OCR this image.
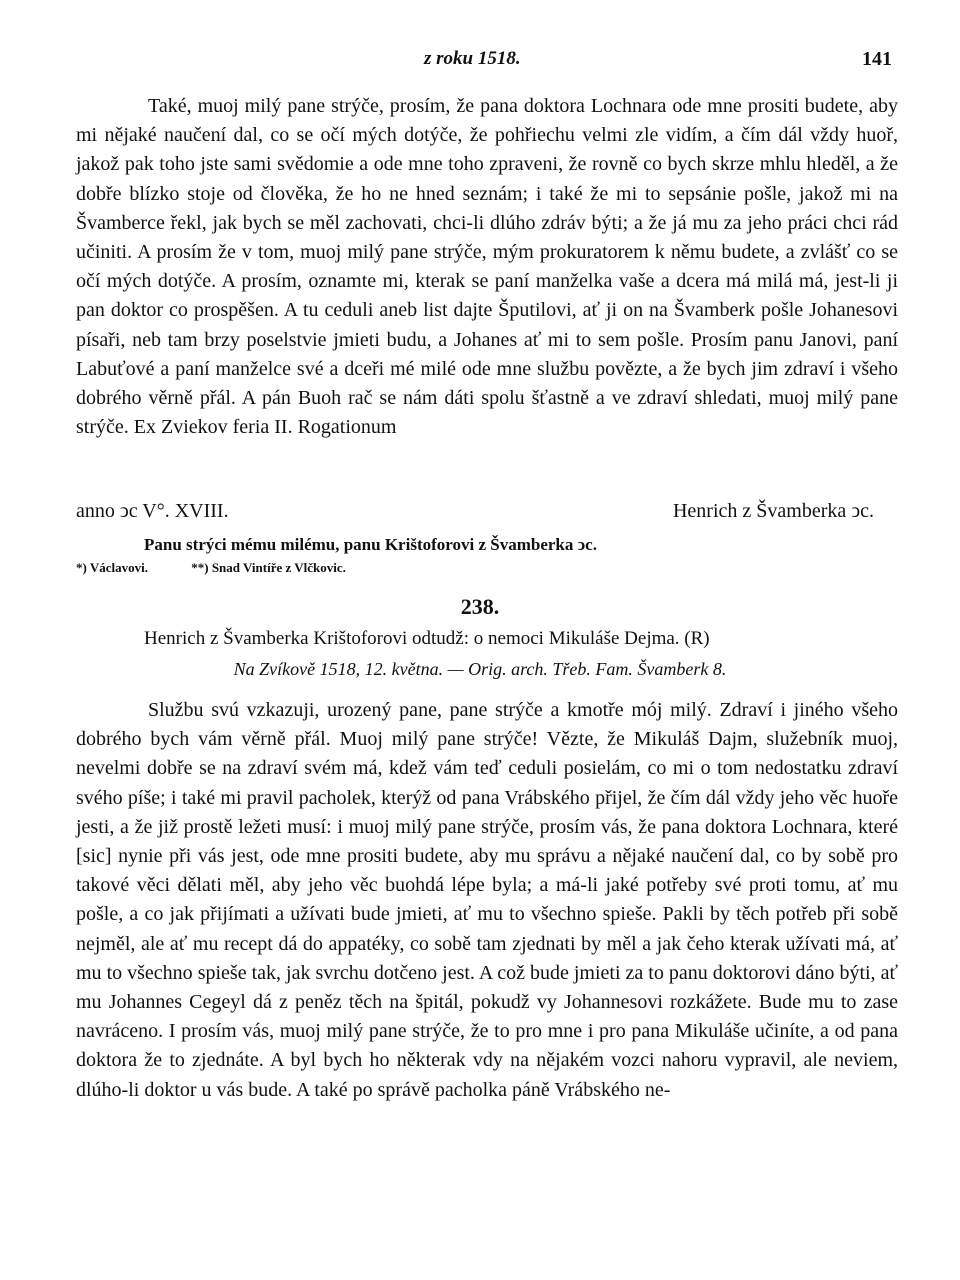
z roku 1518.	141

Také, muoj milý pane strýče, prosím, že pana doktora Lochnara ode mne prositi budete, aby mi nějaké naučení dal, co se očí mých dotýče, že pohřiechu velmi zle vidím, a čím dál vždy huoř, jakož pak toho jste sami svědomie a ode mne toho zpraveni, že rovně co bych skrze mhlu hleděl, a že dobře blízko stoje od člověka, že ho ne hned seznám; i také že mi to sepsánie pošle, jakož mi na Švamberce řekl, jak bych se měl zachovati, chci-li dlúho zdráv býti; a že já mu za jeho práci chci rád učiniti. A prosím že v tom, muoj milý pane strýče, mým prokuratorem k němu budete, a zvlášť co se očí mých dotýče. A prosím, oznamte mi, kterak se paní manželka vaše a dcera má milá má, jest-li ji pan doktor co prospěšen. A tu ceduli aneb list dajte Šputilovi, ať ji on na Švamberk pošle Johanesovi písaři, neb tam brzy poselstvie jmieti budu, a Johanes ať mi to sem pošle. Prosím panu Janovi, paní Labuťové a paní manželce své a dceři mé milé ode mne službu povězte, a že bych jim zdraví i všeho dobrého věrně přál. A pán Buoh rač se nám dáti spolu šťastně a ve zdraví shledati, muoj milý pane strýče. Ex Zviekov feria II. Rogationum

anno ͻc V°. XVIII.	Henrich z Švamberka ͻc.
Panu strýci mému milému, panu Krištoforovi z Švamberka ͻc.
*) Václavovi.	**) Snad Vintíře z Vlčkovic.
238.
Henrich z Švamberka Krištoforovi odtudž: o nemoci Mikuláše Dejma. (R)
Na Zvíkově 1518, 12. května. — Orig. arch. Třeb. Fam. Švamberk 8.

Službu svú vzkazuji, urozený pane, pane strýče a kmotře mój milý. Zdraví i jiného všeho dobrého bych vám věrně přál. Muoj milý pane strýče! Vězte, že Mikuláš Dajm, služebník muoj, nevelmi dobře se na zdraví svém má, kdež vám teď ceduli posielám, co mi o tom nedostatku zdraví svého píše; i také mi pravil pacholek, kterýž od pana Vrábského přijel, že čím dál vždy jeho věc huoře jesti, a že již prostě ležeti musí: i muoj milý pane strýče, prosím vás, že pana doktora Lochnara, které [sic] nynie při vás jest, ode mne prositi budete, aby mu správu a nějaké naučení dal, co by sobě pro takové věci dělati měl, aby jeho věc buohdá lépe byla; a má-li jaké potřeby své proti tomu, ať mu pošle, a co jak přijímati a užívati bude jmieti, ať mu to všechno spieše. Pakli by těch potřeb při sobě nejměl, ale ať mu recept dá do appatéky, co sobě tam zjednati by měl a jak čeho kterak užívati má, ať mu to všechno spieše tak, jak svrchu dotčeno jest. A což bude jmieti za to panu doktorovi dáno býti, ať mu Johannes Cegeyl dá z peněz těch na špitál, pokudž vy Johannesovi rozkážete. Bude mu to zase navráceno. I prosím vás, muoj milý pane strýče, že to pro mne i pro pana Mikuláše učiníte, a od pana doktora že to zjednáte. A byl bych ho některak vdy na nějakém vozci nahoru vypravil, ale neviem, dlúho-li doktor u vás bude. A také po správě pacholka páně Vrábského ne-
